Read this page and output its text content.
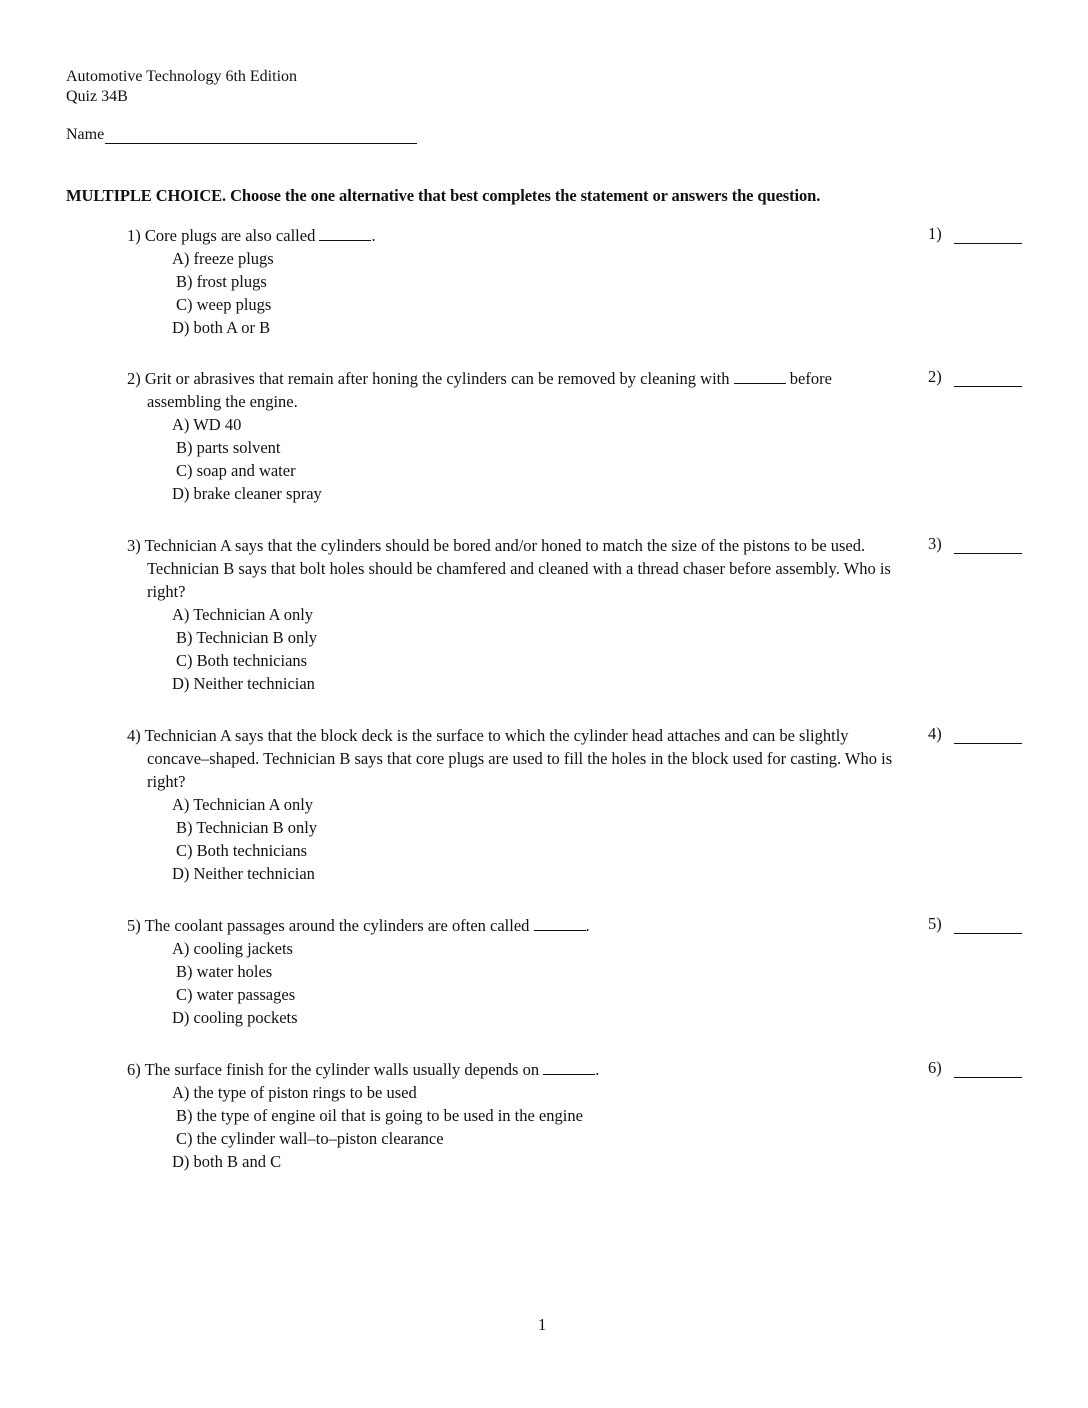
Automotive Technology 6th Edition
Quiz 34B
Name
MULTIPLE CHOICE. Choose the one alternative that best completes the statement or answers the question.
1) Core plugs are also called	.
A) freeze plugs
B) frost plugs
C) weep plugs
D) both A or B
1)
2) Grit or abrasives that remain after honing the cylinders can be removed by cleaning with	before assembling the engine.
A) WD 40
B) parts solvent
C) soap and water
D) brake cleaner spray
2)
3) Technician A says that the cylinders should be bored and/or honed to match the size of the pistons to be used. Technician B says that bolt holes should be chamfered and cleaned with a thread chaser before assembly. Who is right?
A) Technician A only
B) Technician B only
C) Both technicians
D) Neither technician
3)
4) Technician A says that the block deck is the surface to which the cylinder head attaches and can be slightly concave–shaped. Technician B says that core plugs are used to fill the holes in the block used for casting. Who is right?
A) Technician A only
B) Technician B only
C) Both technicians
D) Neither technician
4)
5) The coolant passages around the cylinders are often called	.
A) cooling jackets
B) water holes
C) water passages
D) cooling pockets
5)
6) The surface finish for the cylinder walls usually depends on	.
A) the type of piston rings to be used
B) the type of engine oil that is going to be used in the engine
C) the cylinder wall–to–piston clearance
D) both B and C
6)
1
